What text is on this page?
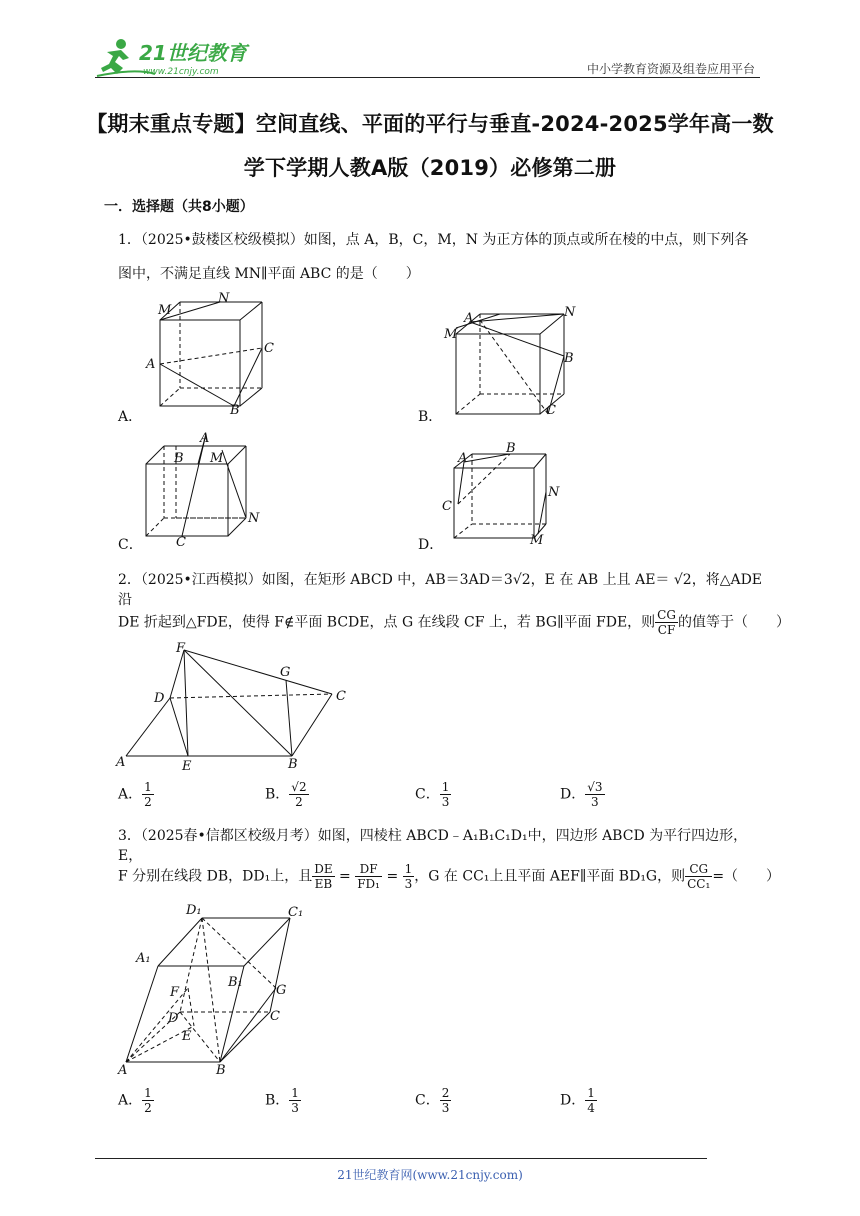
21世纪教育
www.21cnjy.com	中小学教育资源及组卷应用平台
【期末重点专题】空间直线、平面的平行与垂直-2024-2025学年高一数
学下学期人教A版（2019）必修第二册
一．选择题（共8小题）
1．（2025•鼓楼区校级模拟）如图，点 A，B，C，M，N 为正方体的顶点或所在棱的中点，则下列各
图中，不满足直线 MN∥平面 ABC 的是（　　）
M
N
A
C
B
A．
A	N
M
B
C
B．
A
B M
N
C
C．
A
B
N
C
M
D．
2．（2025•江西模拟）如图，在矩形 ABCD 中，AB＝3AD＝3√2，E 在 AB 上且 AE＝ √2，将△ADE 沿
DE 折起到△FDE，使得 F∉平面 BCDE，点 G 在线段 CF 上，若 BG∥平面 FDE，则 $\frac{CG}{CF}$ 的值等于（　　）
F
G
D	C
A	E	B
A． $\frac{1}{2}$	B． $\frac{√2}{2}$	C． $\frac{1}{3}$	D． $\frac{√3}{3}$
3．（2025春•信都区校级月考）如图，四棱柱 ABCD﹣A₁B₁C₁D₁中，四边形 ABCD 为平行四边形，E，
F 分别在线段 DB，DD₁上，且 $\frac{DE}{EB} = \frac{DF}{\text{FD₁}} = \frac{1}{3}$ ，G 在 CC₁上且平面 AEF∥平面 BD₁G，则 $\frac{CG}{\text{CC₁}}$ =（　　）
D₁	C₁
A₁
B₁
F	G
D	C
E
A	B
A． $\frac{1}{2}$	B． $\frac{1}{3}$	C． $\frac{2}{3}$	D． $\frac{1}{4}$
21世纪教育网(www.21cnjy.com)
